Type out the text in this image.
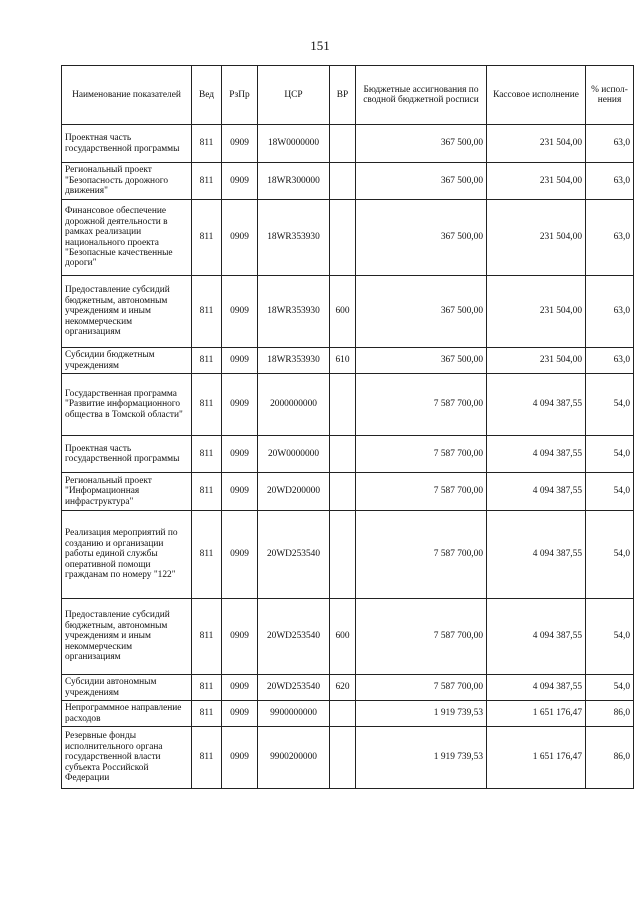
151
Наименование показателей	Вед	РзПр	ЦСР	ВР	Бюджетные ассигнования по сводной бюджетной росписи	Кассовое исполнение	% испол-нения
Проектная часть государственной программы	811	0909	18W0000000		367 500,00	231 504,00	63,0
Региональный проект "Безопасность дорожного движения"	811	0909	18WR300000		367 500,00	231 504,00	63,0
Финансовое обеспечение дорожной деятельности в рамках реализации национального проекта "Безопасные качественные дороги"	811	0909	18WR353930		367 500,00	231 504,00	63,0
Предоставление субсидий бюджетным, автономным учреждениям и иным некоммерческим организациям	811	0909	18WR353930	600	367 500,00	231 504,00	63,0
Субсидии бюджетным учреждениям	811	0909	18WR353930	610	367 500,00	231 504,00	63,0
Государственная программа "Развитие информационного общества в Томской области"	811	0909	2000000000		7 587 700,00	4 094 387,55	54,0
Проектная часть государственной программы	811	0909	20W0000000		7 587 700,00	4 094 387,55	54,0
Региональный проект "Информационная инфраструктура"	811	0909	20WD200000		7 587 700,00	4 094 387,55	54,0
Реализация мероприятий по созданию и организации работы единой службы оперативной помощи гражданам по номеру "122"	811	0909	20WD253540		7 587 700,00	4 094 387,55	54,0
Предоставление субсидий бюджетным, автономным учреждениям и иным некоммерческим организациям	811	0909	20WD253540	600	7 587 700,00	4 094 387,55	54,0
Субсидии автономным учреждениям	811	0909	20WD253540	620	7 587 700,00	4 094 387,55	54,0
Непрограммное направление расходов	811	0909	9900000000		1 919 739,53	1 651 176,47	86,0
Резервные фонды исполнительного органа государственной власти субъекта Российской Федерации	811	0909	9900200000		1 919 739,53	1 651 176,47	86,0
